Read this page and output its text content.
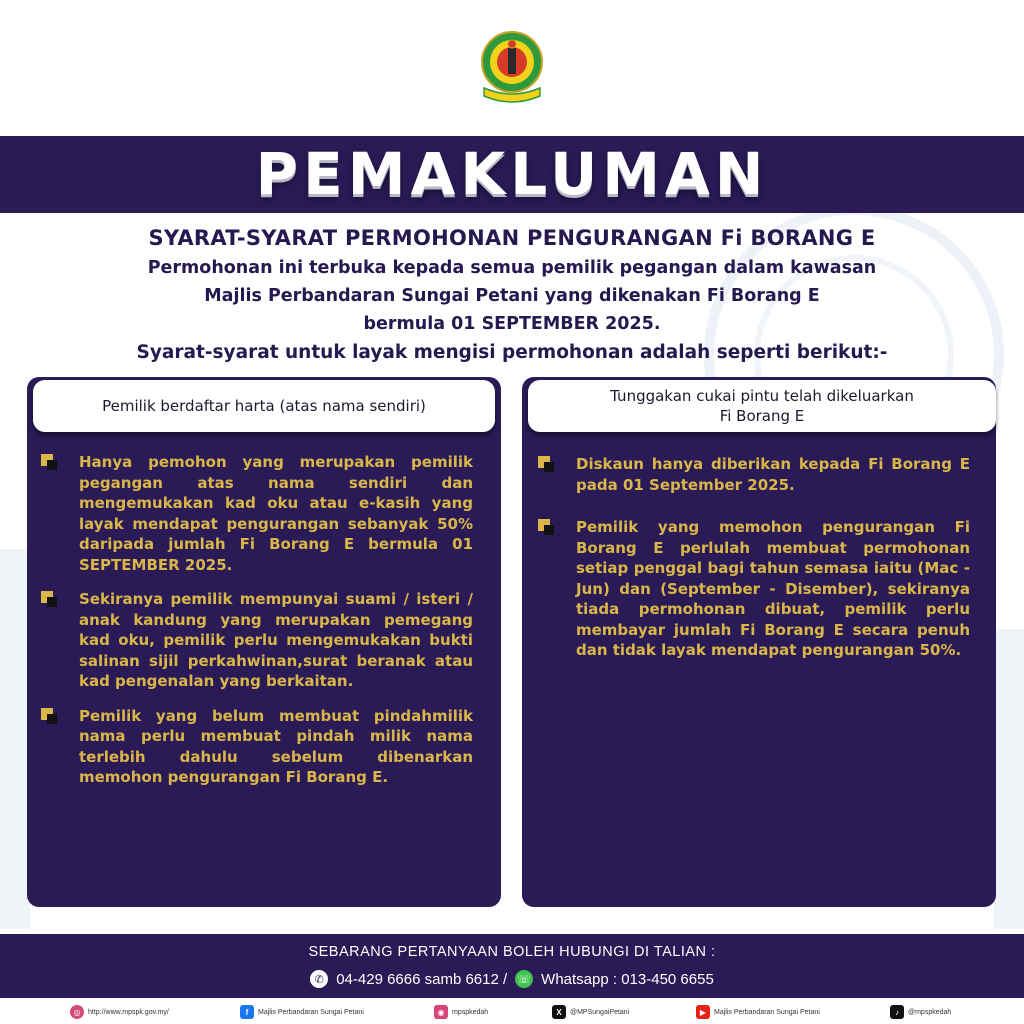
PEMAKLUMAN
SYARAT-SYARAT PERMOHONAN PENGURANGAN Fi BORANG E
Permohonan ini terbuka kepada semua pemilik pegangan dalam kawasan
Majlis Perbandaran Sungai Petani yang dikenakan Fi Borang E
bermula 01 SEPTEMBER 2025.
Syarat-syarat untuk layak mengisi permohonan adalah seperti berikut:-
Pemilik berdaftar harta (atas nama sendiri)
Hanya pemohon yang merupakan pemilik pegangan atas nama sendiri dan mengemukakan kad oku atau e-kasih yang layak mendapat pengurangan sebanyak 50% daripada jumlah Fi Borang E bermula 01 SEPTEMBER 2025.
Sekiranya pemilik mempunyai suami / isteri / anak kandung yang merupakan pemegang kad oku, pemilik perlu mengemukakan bukti salinan sijil perkahwinan,surat beranak atau kad pengenalan yang berkaitan.
Pemilik yang belum membuat pindahmilik nama perlu membuat pindah milik nama terlebih dahulu sebelum dibenarkan memohon pengurangan Fi Borang E.
Tunggakan cukai pintu telah dikeluarkan
Fi Borang E
Diskaun hanya diberikan kepada Fi Borang E pada 01 September 2025.
Pemilik yang memohon pengurangan Fi Borang E perlulah membuat permohonan setiap penggal bagi tahun semasa iaitu (Mac - Jun) dan (September - Disember), sekiranya tiada permohonan dibuat, pemilik perlu membayar jumlah Fi Borang E secara penuh dan tidak layak mendapat pengurangan 50%.
SEBARANG PERTANYAAN BOLEH HUBUNGI DI TALIAN :
✆ 04-429 6666 samb 6612 / ☏ Whatsapp : 013-450 6655
◎	http://www.mpspk.gov.my/	f	Majlis Perbandaran Sungai Petani	◉	mpspkedah	X	@MPSungaiPetani	▶	Majlis Perbandaran Sungai Petani	♪	@mpspkedah
